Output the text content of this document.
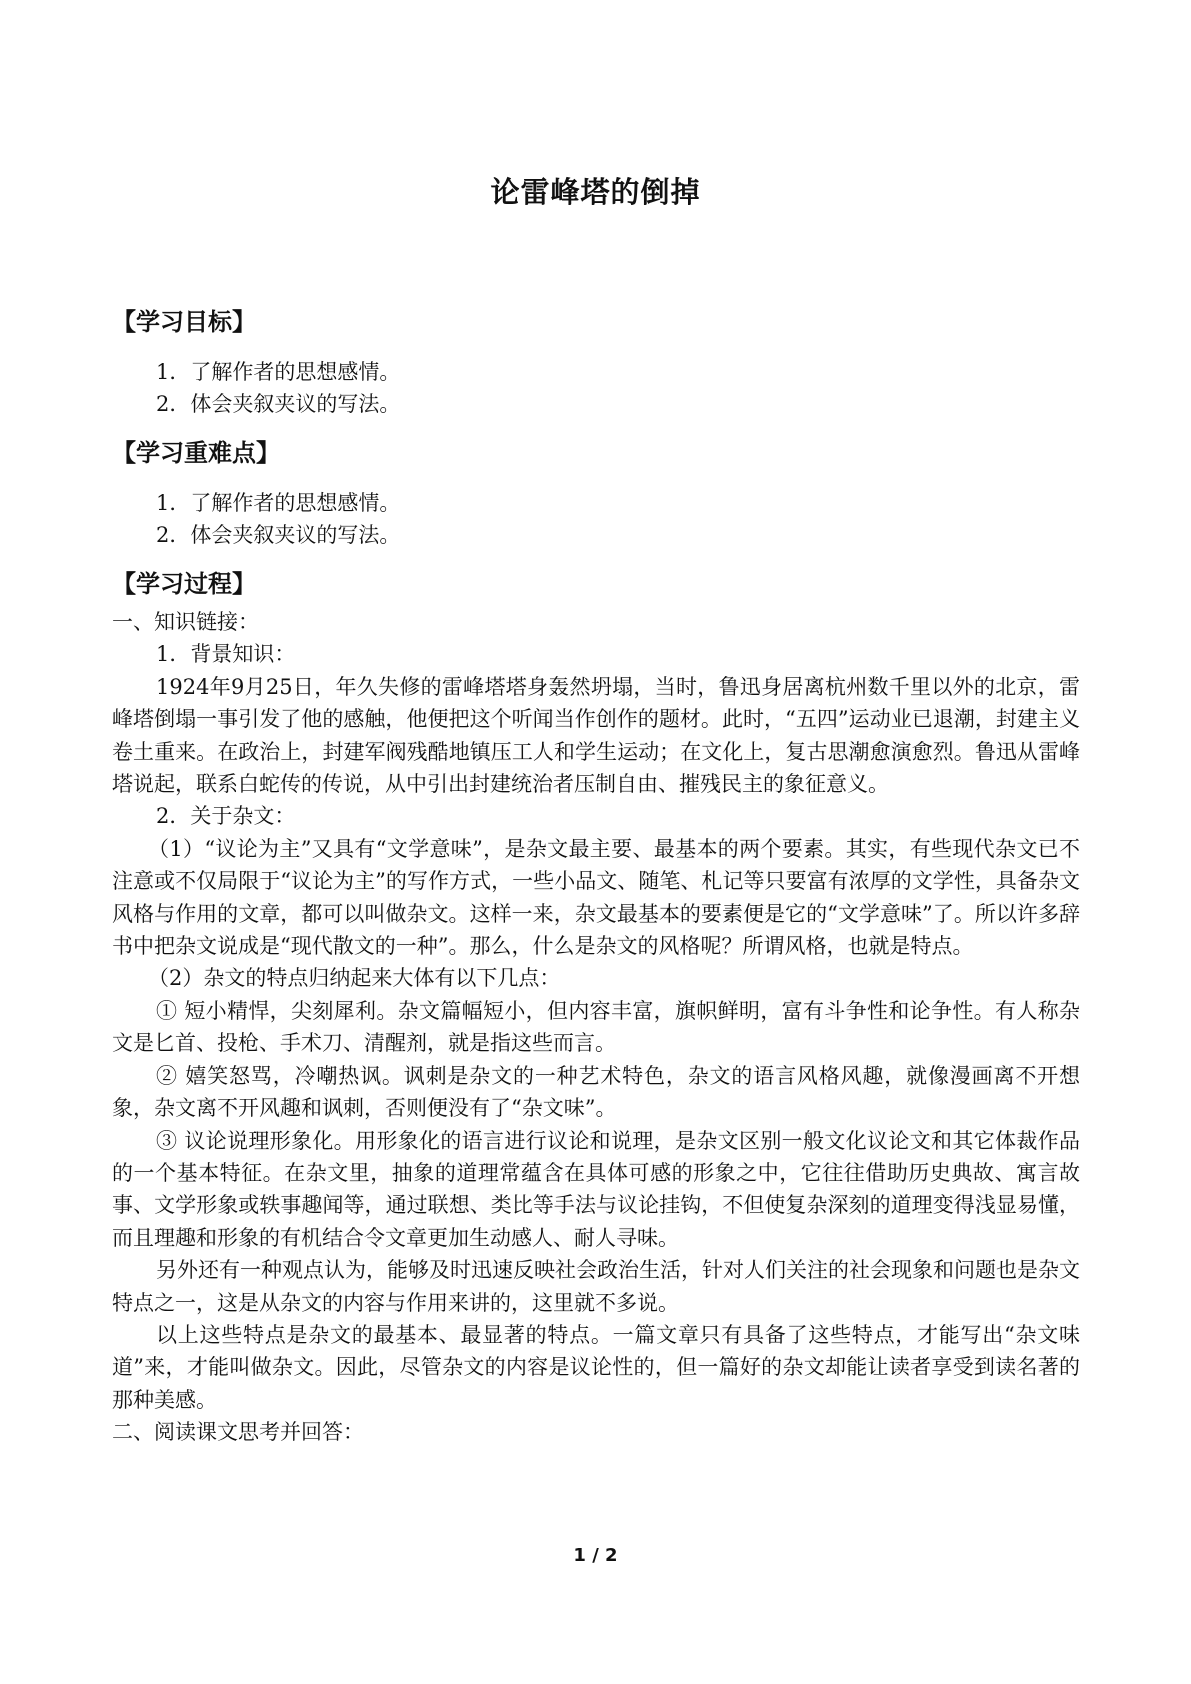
论雷峰塔的倒掉
【学习目标】
1．了解作者的思想感情。
2．体会夹叙夹议的写法。
【学习重难点】
1．了解作者的思想感情。
2．体会夹叙夹议的写法。
【学习过程】
一、知识链接：
1．背景知识：
1924年9月25日，年久失修的雷峰塔塔身轰然坍塌，当时，鲁迅身居离杭州数千里以外的北京，雷峰塔倒塌一事引发了他的感触，他便把这个听闻当作创作的题材。此时，“五四”运动业已退潮，封建主义卷土重来。在政治上，封建军阀残酷地镇压工人和学生运动；在文化上，复古思潮愈演愈烈。鲁迅从雷峰塔说起，联系白蛇传的传说，从中引出封建统治者压制自由、摧残民主的象征意义。
2．关于杂文：
（1）“议论为主”又具有“文学意味”，是杂文最主要、最基本的两个要素。其实，有些现代杂文已不注意或不仅局限于“议论为主”的写作方式，一些小品文、随笔、札记等只要富有浓厚的文学性，具备杂文风格与作用的文章，都可以叫做杂文。这样一来，杂文最基本的要素便是它的“文学意味”了。所以许多辞书中把杂文说成是“现代散文的一种”。那么，什么是杂文的风格呢？所谓风格，也就是特点。
（2）杂文的特点归纳起来大体有以下几点：
① 短小精悍，尖刻犀利。杂文篇幅短小，但内容丰富，旗帜鲜明，富有斗争性和论争性。有人称杂文是匕首、投枪、手术刀、清醒剂，就是指这些而言。
② 嬉笑怒骂，冷嘲热讽。讽刺是杂文的一种艺术特色，杂文的语言风格风趣，就像漫画离不开想象，杂文离不开风趣和讽刺，否则便没有了“杂文味”。
③ 议论说理形象化。用形象化的语言进行议论和说理，是杂文区别一般文化议论文和其它体裁作品的一个基本特征。在杂文里，抽象的道理常蕴含在具体可感的形象之中，它往往借助历史典故、寓言故事、文学形象或轶事趣闻等，通过联想、类比等手法与议论挂钩，不但使复杂深刻的道理变得浅显易懂，而且理趣和形象的有机结合令文章更加生动感人、耐人寻味。
另外还有一种观点认为，能够及时迅速反映社会政治生活，针对人们关注的社会现象和问题也是杂文特点之一，这是从杂文的内容与作用来讲的，这里就不多说。
以上这些特点是杂文的最基本、最显著的特点。一篇文章只有具备了这些特点，才能写出“杂文味道”来，才能叫做杂文。因此，尽管杂文的内容是议论性的，但一篇好的杂文却能让读者享受到读名著的那种美感。
二、阅读课文思考并回答：
1 / 2
